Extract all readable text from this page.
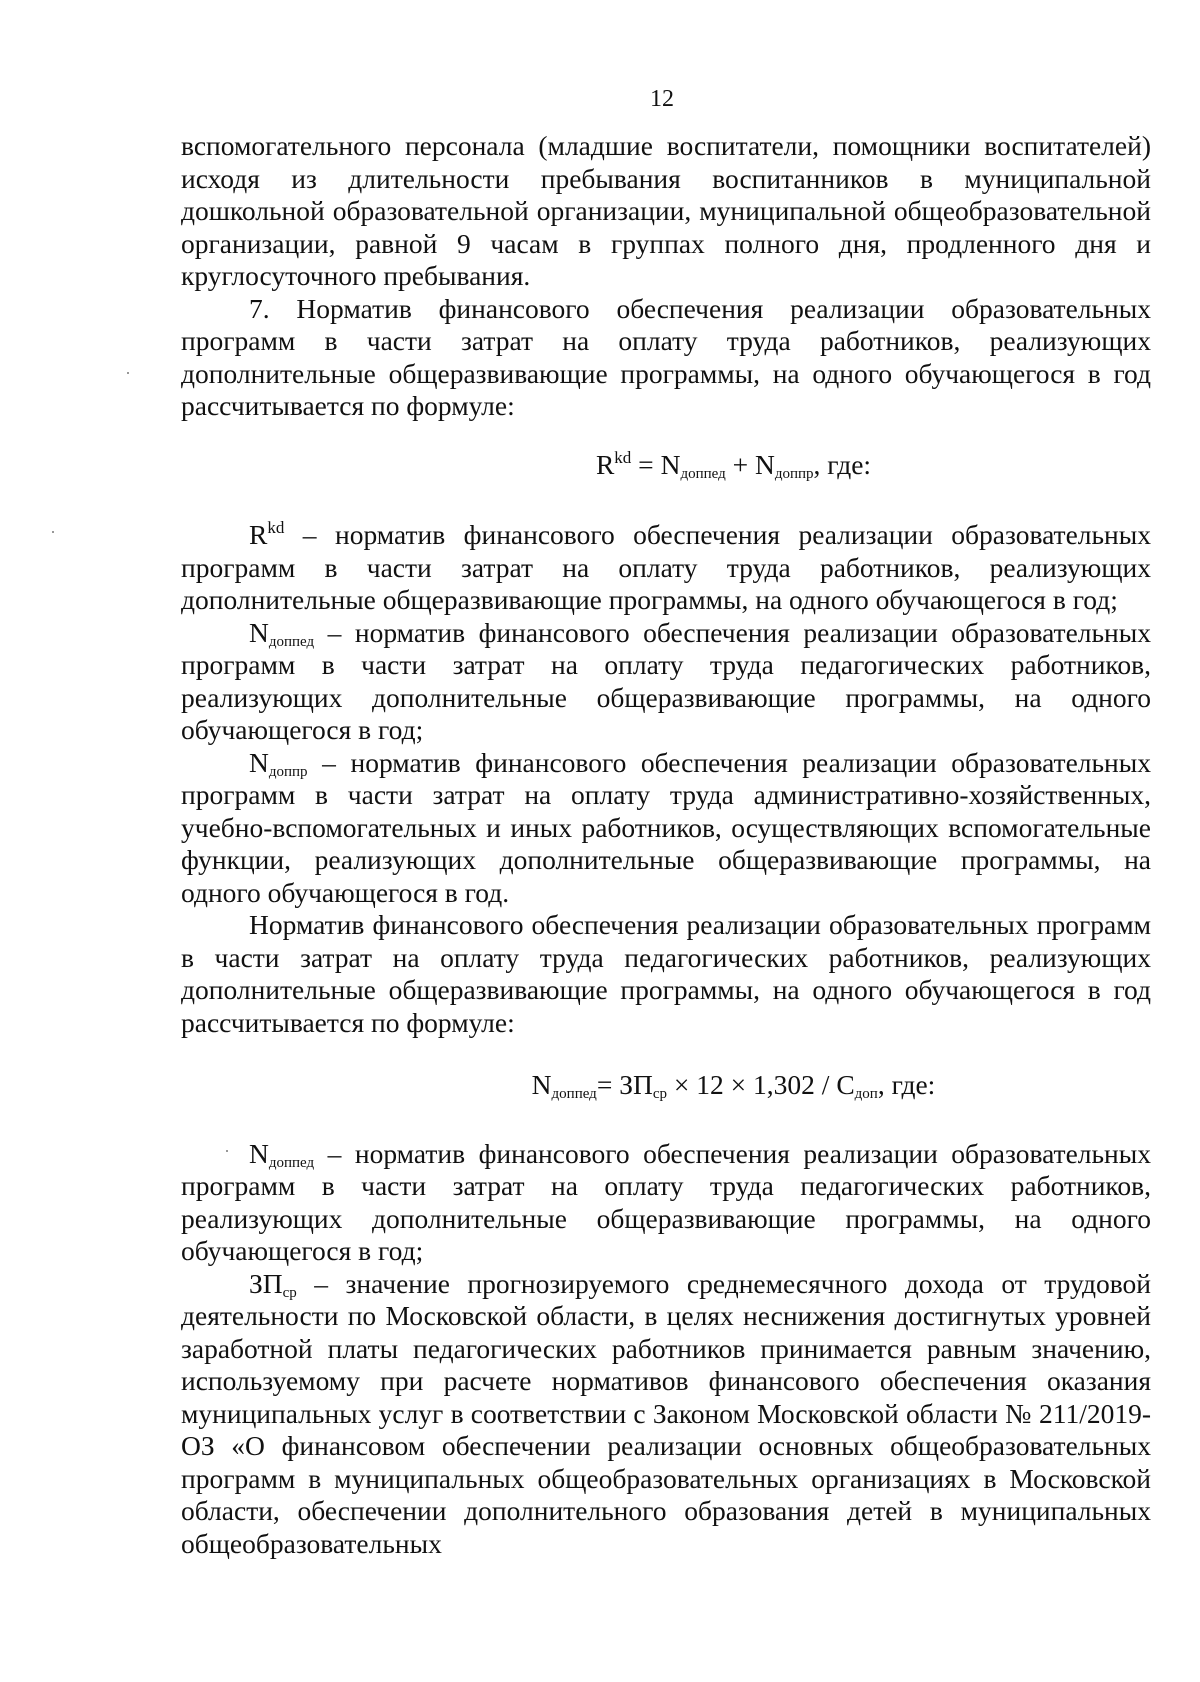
12

вспомогательного персонала (младшие воспитатели, помощники воспитателей) исходя из длительности пребывания воспитанников в муниципальной дошкольной образовательной организации, муниципальной общеобразовательной организации, равной 9 часам в группах полного дня, продленного дня и круглосуточного пребывания.

7. Норматив финансового обеспечения реализации образовательных программ в части затрат на оплату труда работников, реализующих дополнительные общеразвивающие программы, на одного обучающегося в год рассчитывается по формуле:

$R^{kd} = N_{доппед} + N_{доппр}$, где:

$R^{kd}$ – норматив финансового обеспечения реализации образовательных программ в части затрат на оплату труда работников, реализующих дополнительные общеразвивающие программы, на одного обучающегося в год;

$N_{доппед}$ – норматив финансового обеспечения реализации образовательных программ в части затрат на оплату труда педагогических работников, реализующих дополнительные общеразвивающие программы, на одного обучающегося в год;

$N_{доппр}$ – норматив финансового обеспечения реализации образовательных программ в части затрат на оплату труда административно-хозяйственных, учебно-вспомогательных и иных работников, осуществляющих вспомогательные функции, реализующих дополнительные общеразвивающие программы, на одного обучающегося в год.

Норматив финансового обеспечения реализации образовательных программ в части затрат на оплату труда педагогических работников, реализующих дополнительные общеразвивающие программы, на одного обучающегося в год рассчитывается по формуле:

$N_{доппед}= ЗП_{ср} \times 12 \times 1,302 / С_{доп}$, где:

$N_{доппед}$ – норматив финансового обеспечения реализации образовательных программ в части затрат на оплату труда педагогических работников, реализующих дополнительные общеразвивающие программы, на одного обучающегося в год;

$ЗП_{ср}$ – значение прогнозируемого среднемесячного дохода от трудовой деятельности по Московской области, в целях неснижения достигнутых уровней заработной платы педагогических работников принимается равным значению, используемому при расчете нормативов финансового обеспечения оказания муниципальных услуг в соответствии с Законом Московской области № 211/2019-ОЗ «О финансовом обеспечении реализации основных общеобразовательных программ в муниципальных общеобразовательных организациях в Московской области, обеспечении дополнительного образования детей в муниципальных общеобразовательных
